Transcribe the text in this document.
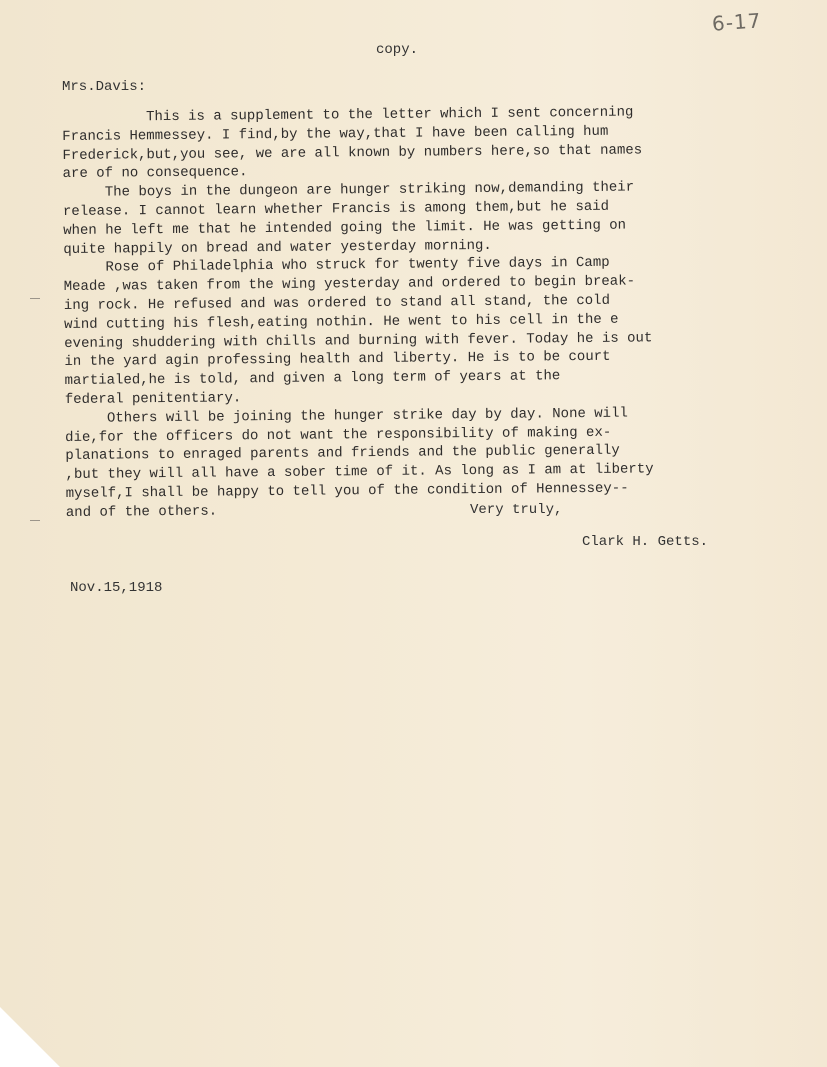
6-17
copy.
Mrs.Davis:
This is a supplement to the letter which I sent concerning
Francis Hemmessey. I find,by the way,that I have been calling hum
Frederick,but,you see, we are all known by numbers here,so that names
are of no consequence.
The boys in the dungeon are hunger striking now,demanding their
release. I cannot learn whether Francis is among them,but he said
when he left me that he intended going the limit. He was getting on
quite happily on bread and water yesterday morning.
Rose of Philadelphia who struck for twenty five days in Camp
Meade ,was taken from the wing yesterday and ordered to begin break-
ing rock. He refused and was ordered to stand all stand, the cold
wind cutting his flesh,eating nothin. He went to his cell in the e
evening shuddering with chills and burning with fever. Today he is out
in the yard agin professing health and liberty. He is to be court
martialed,he is told, and given a long term of years at the
federal penitentiary.
Others will be joining the hunger strike day by day. None will
die,for the officers do not want the responsibility of making ex-
planations to enraged parents and friends and the public generally
,but they will all have a sober time of it. As long as I am at liberty
myself,I shall be happy to tell you of the condition of Hennessey--
and of the others.	Very truly,
Clark H. Getts.
Nov.15,1918
